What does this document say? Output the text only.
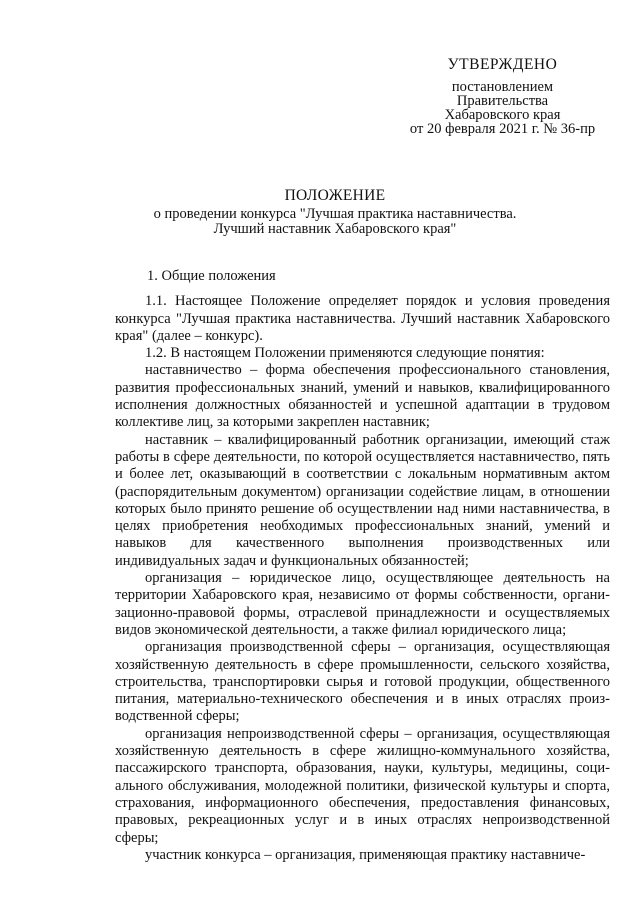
УТВЕРЖДЕНО
постановлением
Правительства
Хабаровского края
от 20 февраля 2021 г. № 36-пр
ПОЛОЖЕНИЕ
о проведении конкурса "Лучшая практика наставничества.
Лучший наставник Хабаровского края"

1. Общие положения

1.1. Настоящее Положение определяет порядок и условия проведения конкурса "Лучшая практика наставничества. Лучший наставник Хабаровского края" (далее – конкурс).

1.2. В настоящем Положении применяются следующие понятия:

наставничество – форма обеспечения профессионального становления, развития профессиональных знаний, умений и навыков, квалифицированного исполнения должностных обязанностей и успешной адаптации в трудовом коллективе лиц, за которыми закреплен наставник;

наставник – квалифицированный работник организации, имеющий стаж работы в сфере деятельности, по которой осуществляется наставничество, пять и более лет, оказывающий в соответствии с локальным нормативным актом (распорядительным документом) организации содействие лицам, в отношении которых было принято решение об осуществлении над ними наставничества, в целях приобретения необходимых профессиональных знаний, умений и навыков для качественного выполнения производственных или индивидуальных задач и функциональных обязанностей;

организация – юридическое лицо, осуществляющее деятельность на территории Хабаровского края, независимо от формы собственности, организационно-правовой формы, отраслевой принадлежности и осуществляемых видов экономической деятельности, а также филиал юридического лица;

организация производственной сферы – организация, осуществляющая хозяйственную деятельность в сфере промышленности, сельского хозяйства, строительства, транспортировки сырья и готовой продукции, общественного питания, материально-технического обеспечения и в иных отраслях производственной сферы;

организация непроизводственной сферы – организация, осуществляющая хозяйственную деятельность в сфере жилищно-коммунального хозяйства, пассажирского транспорта, образования, науки, культуры, медицины, социального обслуживания, молодежной политики, физической культуры и спорта, страхования, информационного обеспечения, предоставления финансовых, правовых, рекреационных услуг и в иных отраслях непроизводственной сферы;

участник конкурса – организация, применяющая практику наставниче-
